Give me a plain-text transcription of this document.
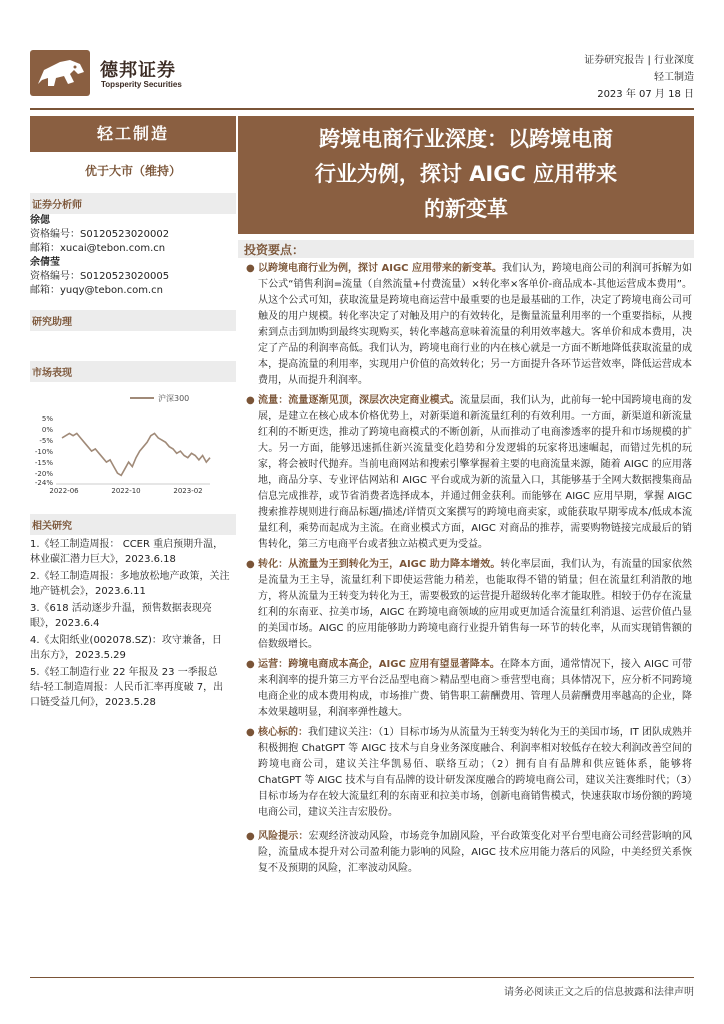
德邦证券
Topsperity Securities
证券研究报告 | 行业深度
轻工制造
2023 年 07 月 18 日
轻工制造
优于大市（维持）
证券分析师
徐偲
资格编号：S0120523020002
邮箱：xucai@tebon.com.cn
余倩莹
资格编号：S0120523020005
邮箱：yuqy@tebon.com.cn
研究助理
市场表现
沪深300
5%
0%
-5%
-10%
-15%
-20%
-24%
2022-06	2022-10	2023-02
相关研究
1.《轻工制造周报： CCER 重启预期升温，林业碳汇潜力巨大》，2023.6.18
2.《轻工制造周报：多地放松地产政策，关注地产链机会》，2023.6.11
3.《618 活动逐步升温，预售数据表现亮眼》，2023.6.4
4.《太阳纸业(002078.SZ)：攻守兼备，日出东方》，2023.5.29
5.《轻工制造行业 22 年报及 23 一季报总结-轻工制造周报：人民币汇率再度破 7，出口链受益几何》，2023.5.28
跨境电商行业深度：以跨境电商
行业为例，探讨 AIGC 应用带来
的新变革
投资要点：
● 以跨境电商行业为例，探讨 AIGC 应用带来的新变革。我们认为，跨境电商公司的利润可拆解为如下公式“销售利润=流量（自然流量+付费流量）×转化率×客单价-商品成本-其他运营成本费用”。从这个公式可知，获取流量是跨境电商运营中最重要的也是最基础的工作，决定了跨境电商公司可触及的用户规模。转化率决定了对触及用户的有效转化，是衡量流量利用率的一个重要指标，从搜索到点击到加购到最终实现购买，转化率越高意味着流量的利用效率越大。客单价和成本费用，决定了产品的利润率高低。我们认为，跨境电商行业的内在核心就是一方面不断地降低获取流量的成本，提高流量的利用率，实现用户价值的高效转化；另一方面提升各环节运营效率，降低运营成本费用，从而提升利润率。
● 流量：流量逐渐见顶，深层次决定商业模式。流量层面，我们认为，此前每一轮中国跨境电商的发展，是建立在核心成本价格优势上，对新渠道和新流量红利的有效利用。一方面，新渠道和新流量红利的不断更迭，推动了跨境电商模式的不断创新，从而推动了电商渗透率的提升和市场规模的扩大。另一方面，能够迅速抓住新兴流量变化趋势和分发逻辑的玩家将迅速崛起，而错过先机的玩家，将会被时代抛弃。当前电商网站和搜索引擎掌握着主要的电商流量来源，随着 AIGC 的应用落地，商品分享、专业评估网站和 AIGC 平台或成为新的流量入口，其能够基于全网大数据搜集商品信息完成推荐，或节省消费者选择成本，并通过佣金获利。而能够在 AIGC 应用早期，掌握 AIGC 搜索推荐规则进行商品标题/描述/详情页文案撰写的跨境电商卖家，或能获取早期零成本/低成本流量红利，乘势而起成为主流。在商业模式方面，AIGC 对商品的推荐，需要购物链接完成最后的销售转化，第三方电商平台或者独立站模式更为受益。
● 转化：从流量为王到转化为王，AIGC 助力降本增效。转化率层面，我们认为，有流量的国家依然是流量为王主导，流量红利下即使运营能力稍差，也能取得不错的销量；但在流量红利消散的地方，将从流量为王转变为转化为王，需要极致的运营提升超级转化率才能取胜。相较于仍存在流量红利的东南亚、拉美市场，AIGC 在跨境电商领域的应用或更加适合流量红利消退、运营价值凸显的美国市场。AIGC 的应用能够助力跨境电商行业提升销售每一环节的转化率，从而实现销售额的倍数级增长。
● 运营：跨境电商成本高企，AIGC 应用有望显著降本。在降本方面，通常情况下，接入 AIGC 可带来利润率的提升第三方平台泛品型电商＞精品型电商＞垂营型电商；具体情况下，应分析不同跨境电商企业的成本费用构成，市场推广费、销售职工薪酬费用、管理人员薪酬费用率越高的企业，降本效果越明显，利润率弹性越大。
● 核心标的：我们建议关注：（1）目标市场为从流量为王转变为转化为王的美国市场，IT 团队成熟并积极拥抱 ChatGPT 等 AIGC 技术与自身业务深度融合、利润率相对较低存在较大利润改善空间的跨境电商公司，建议关注华凯易佰、联络互动；（2）拥有自有品牌和供应链体系，能够将 ChatGPT 等 AIGC 技术与自有品牌的设计研发深度融合的跨境电商公司，建议关注赛维时代；（3）目标市场为存在较大流量红利的东南亚和拉美市场，创新电商销售模式，快速获取市场份额的跨境电商公司，建议关注吉宏股份。
● 风险提示：宏观经济波动风险，市场竞争加剧风险，平台政策变化对平台型电商公司经营影响的风险，流量成本提升对公司盈利能力影响的风险，AIGC 技术应用能力落后的风险，中美经贸关系恢复不及预期的风险，汇率波动风险。
请务必阅读正文之后的信息披露和法律声明
